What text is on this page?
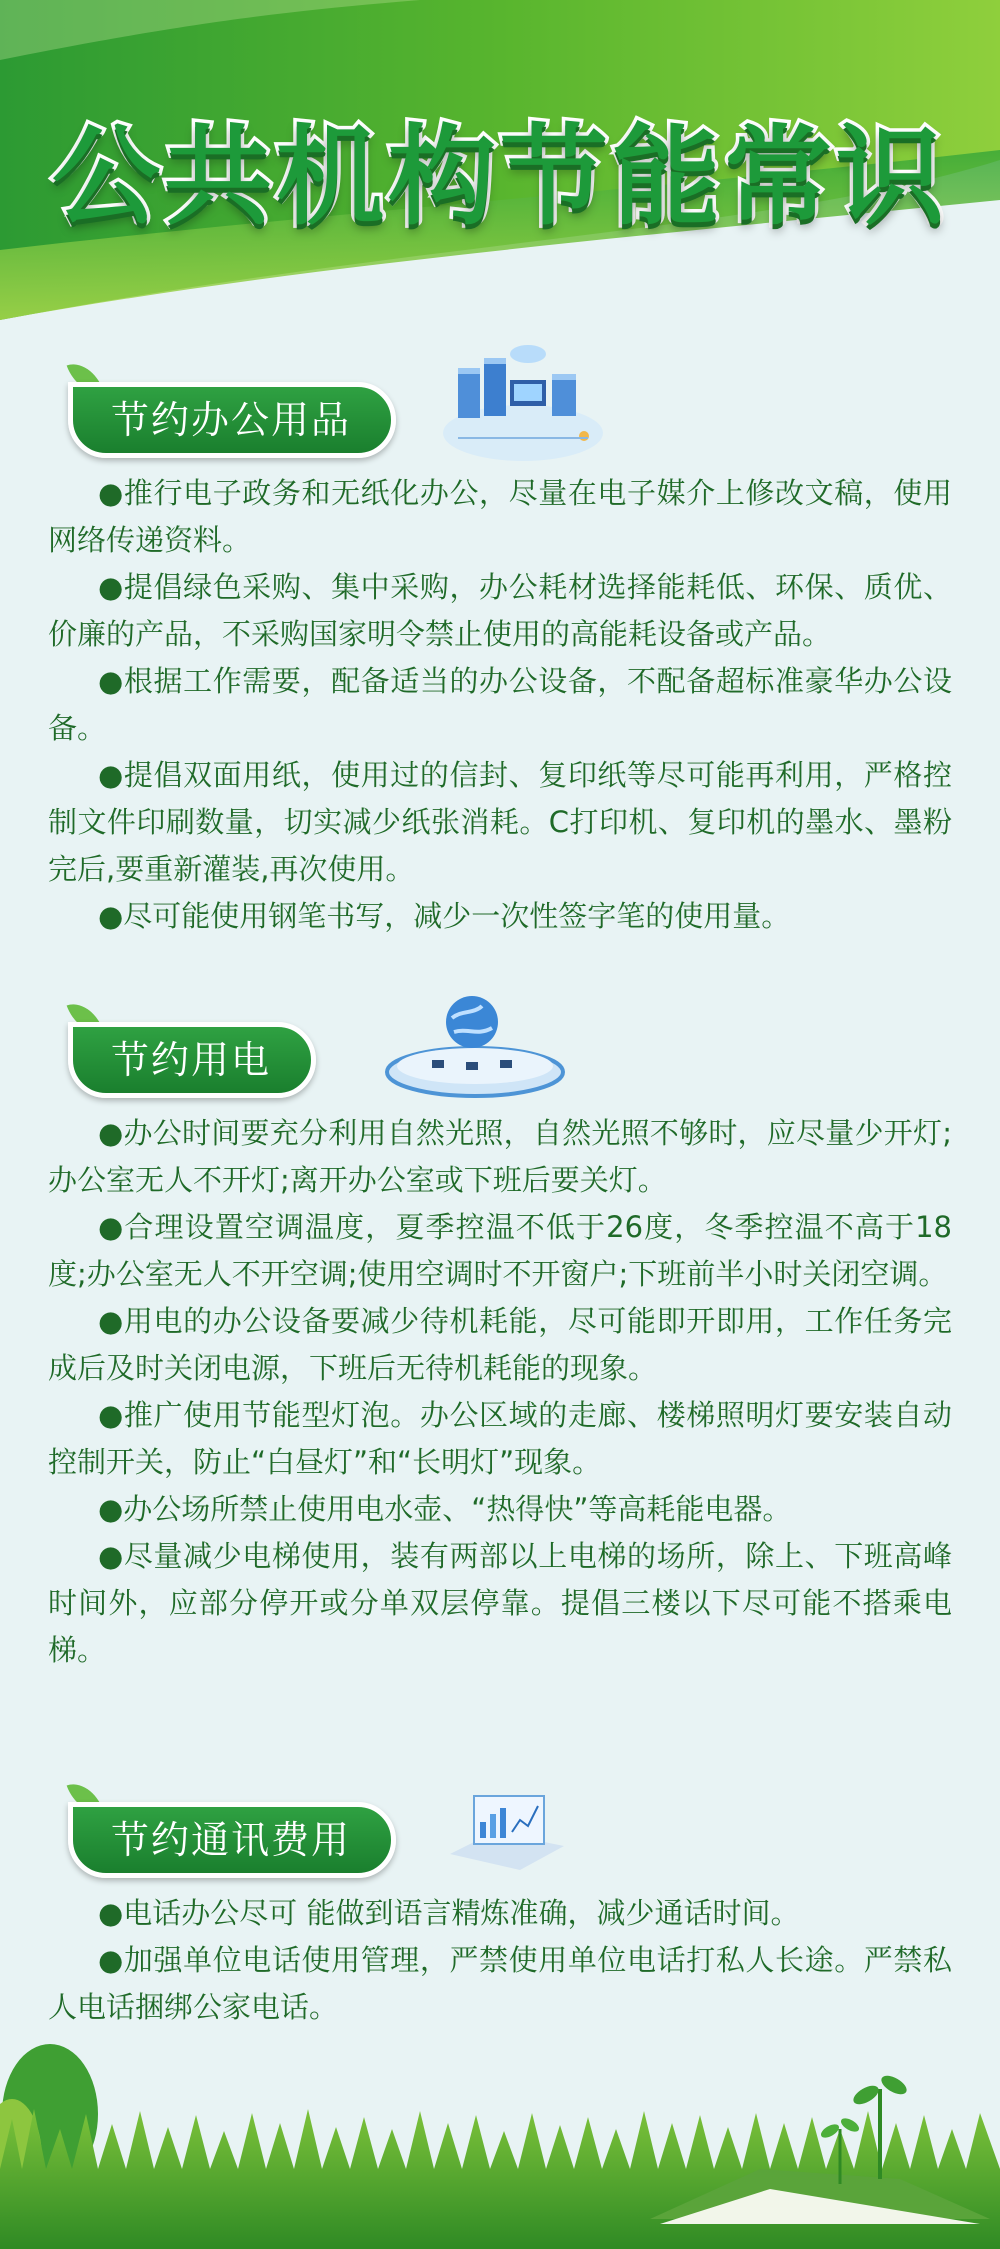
公共机构节能常识
节约办公用品

●推行电子政务和无纸化办公，尽量在电子媒介上修改文稿，使用网络传递资料。

●提倡绿色采购、集中采购，办公耗材选择能耗低、环保、质优、价廉的产品，不采购国家明令禁止使用的高能耗设备或产品。

●根据工作需要，配备适当的办公设备，不配备超标准豪华办公设备。

●提倡双面用纸，使用过的信封、复印纸等尽可能再利用，严格控制文件印刷数量，切实减少纸张消耗。C打印机、复印机的墨水、墨粉完后,要重新灌装,再次使用。

●尽可能使用钢笔书写，减少一次性签字笔的使用量。

节约用电

●办公时间要充分利用自然光照，自然光照不够时，应尽量少开灯;办公室无人不开灯;离开办公室或下班后要关灯。

●合理设置空调温度，夏季控温不低于26度，冬季控温不高于18度;办公室无人不开空调;使用空调时不开窗户;下班前半小时关闭空调。

●用电的办公设备要减少待机耗能，尽可能即开即用，工作任务完成后及时关闭电源，下班后无待机耗能的现象。

●推广使用节能型灯泡。办公区域的走廊、楼梯照明灯要安装自动控制开关，防止“白昼灯”和“长明灯”现象。

●办公场所禁止使用电水壶、“热得快”等高耗能电器。

●尽量减少电梯使用，装有两部以上电梯的场所，除上、下班高峰时间外，应部分停开或分单双层停靠。提倡三楼以下尽可能不搭乘电梯。

节约通讯费用

●电话办公尽可 能做到语言精炼准确，减少通话时间。

●加强单位电话使用管理，严禁使用单位电话打私人长途。严禁私人电话捆绑公家电话。
